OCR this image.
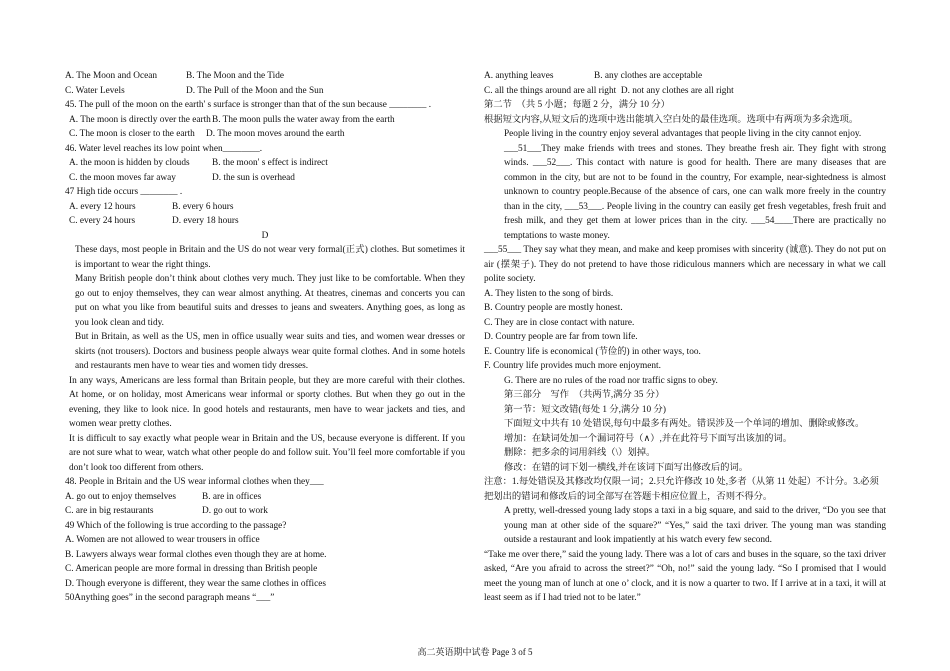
A. The Moon and Ocean	B. The Moon and the Tide
C. Water Levels	D. The Pull of the Moon and the Sun
45. The pull of the moon on the earth' s surface is stronger than that of the sun because ________ .
A. The moon is directly over the earthB. The moon pulls the water away from the earth
C. The moon is closer to the earth D. The moon moves around the earth
46. Water level reaches its low point when________.
A. the moon is hidden by clouds B. the moon' s effect is indirect
C. the moon moves far away	D. the sun is overhead
47 High tide occurs ________ .
A. every 12 hours	B. every 6 hours
C. every 24 hours	D. every 18 hours
D
These days, most people in Britain and the US do not wear very formal(正式) clothes. But sometimes it is important to wear the right things.
Many British people don’t think about clothes very much. They just like to be comfortable. When they go out to enjoy themselves, they can wear almost anything. At theatres, cinemas and concerts you can put on what you like from beautiful suits and dresses to jeans and sweaters. Anything goes, as long as you look clean and tidy.
But in Britain, as well as the US, men in office usually wear suits and ties, and women wear dresses or skirts (not trousers). Doctors and business people always wear quite formal clothes. And in some hotels and restaurants men have to wear ties and women tidy dresses.
In any ways, Americans are less formal than Britain people, but they are more careful with their clothes. At home, or on holiday, most Americans wear informal or sporty clothes. But when they go out in the evening, they like to look nice. In good hotels and restaurants, men have to wear jackets and ties, and women wear pretty clothes.
It is difficult to say exactly what people wear in Britain and the US, because everyone is different. If you are not sure what to wear, watch what other people do and follow suit. You’ll feel more comfortable if you don’t look too different from others.
48. People in Britain and the US wear informal clothes when they___
A. go out to enjoy themselves	B. are in offices
C. are in big restaurants	D. go out to work
49 Which of the following is true according to the passage?
A. Women are not allowed to wear trousers in office
B. Lawyers always wear formal clothes even though they are at home.
C. American people are more formal in dressing than British people
D. Though everyone is different, they wear the same clothes in offices
50Anything goes” in the second paragraph means “___”
A. anything leaves	B. any clothes are acceptable
C. all the things around are all right D. not any clothes are all right
第二节　（共 5 小题；每题 2 分，满分 10 分）
根据短文内容,从短文后的选项中选出能填入空白处的最佳选项。选项中有两项为多余选项。
People living in the country enjoy several advantages that people living in the city cannot enjoy.
___51___They make friends with trees and stones. They breathe fresh air. They fight with strong winds. ___52___. This contact with nature is good for health. There are many diseases that are common in the city, but are not to be found in the country, For example, near-sightedness is almost unknown to country people.Because of the absence of cars, one can walk more freely in the country than in the city, ___53___. People living in the country can easily get fresh vegetables, fresh fruit and fresh milk, and they get them at lower prices than in the city. ___54____There are practically no temptations to waste money.
___55___ They say what they mean, and make and keep promises with sincerity (诚意). They do not put on air (摆架子). They do not pretend to have those ridiculous manners which are necessary in what we call polite society.
A. They listen to the song of birds.
B. Country people are mostly honest.
C. They are in close contact with nature.
D. Country people are far from town life.
E. Country life is economical (节俭的) in other ways, too.
F. Country life provides much more enjoyment.
G. There are no rules of the road nor traffic signs to obey.
第三部分　写作　（共两节,满分 35 分）
第一节：短文改错(每处 1 分,满分 10 分)
下面短文中共有 10 处错误,每句中最多有两处。错误涉及一个单词的增加、删除或修改。
增加：在缺词处加一个漏词符号（∧）,并在此符号下面写出该加的词。
删除：把多余的词用斜线（\）划掉。
修改：在错的词下划一横线,并在该词下面写出修改后的词。
注意：1.每处错误及其修改均仅限一词；2.只允许修改 10 处,多者（从第 11 处起）不计分。3.必须把划出的错词和修改后的词全部写在答题卡相应位置上，否则不得分。
A pretty, well-dressed young lady stops a taxi in a big square, and said to the driver, “Do you see that young man at other side of the square?” “Yes,” said the taxi driver. The young man was standing outside a restaurant and look impatiently at his watch every few second.
“Take me over there,” said the young lady. There was a lot of cars and buses in the square, so the taxi driver asked, “Are you afraid to across the street?” “Oh, no!” said the young lady. “So I promised that I would meet the young man of lunch at one o’ clock, and it is now a quarter to two. If I arrive at in a taxi, it will at least seem as if I had tried not to be later.”
高二英语期中试卷 Page 3 of 5
